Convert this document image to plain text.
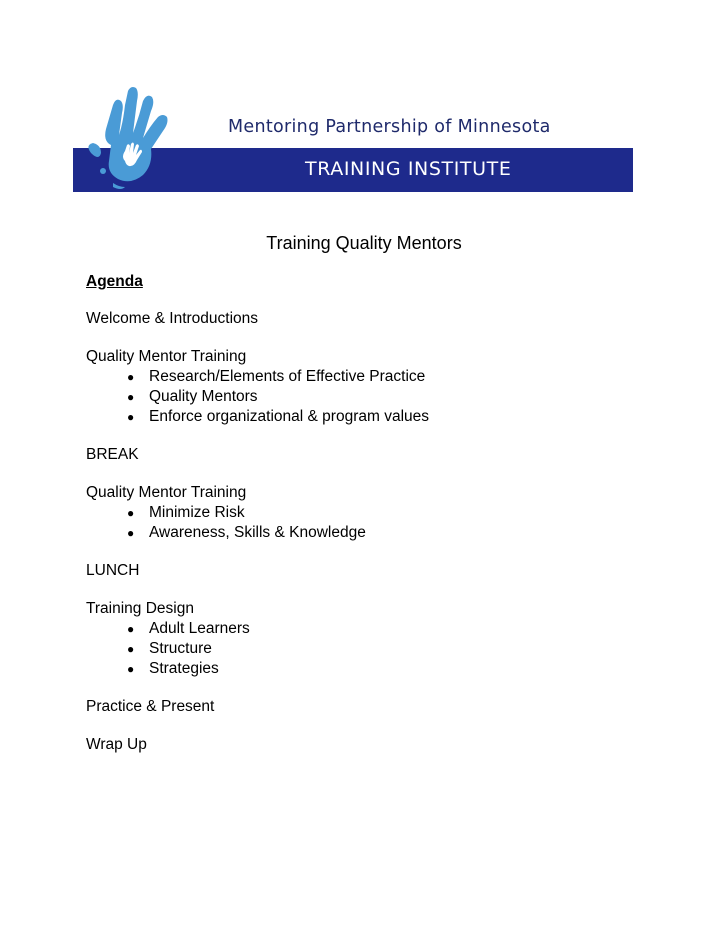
TRAINING INSTITUTE
Mentoring Partnership of Minnesota
Training Quality Mentors
Agenda
Welcome & Introductions
Quality Mentor Training
● Research/Elements of Effective Practice
● Quality Mentors
● Enforce organizational & program values
BREAK
Quality Mentor Training
● Minimize Risk
● Awareness, Skills & Knowledge
LUNCH
Training Design
● Adult Learners
● Structure
● Strategies
Practice & Present
Wrap Up
